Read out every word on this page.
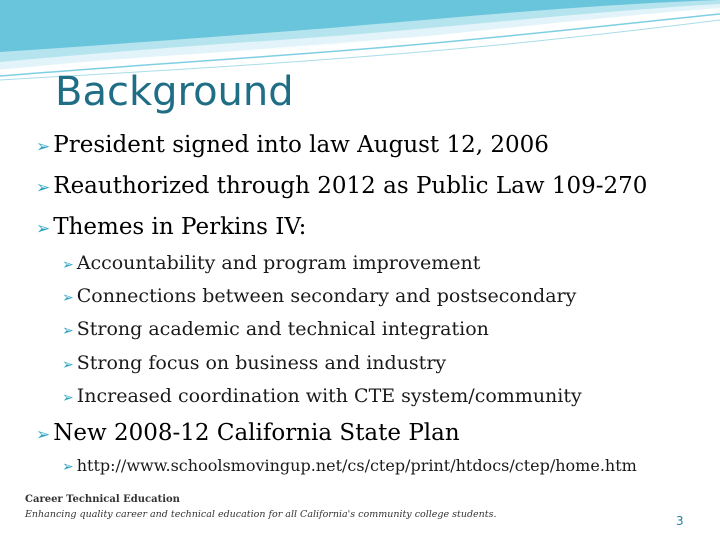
Background
➢ President signed into law August 12, 2006
➢ Reauthorized through 2012 as Public Law 109-270
➢ Themes in Perkins IV:
➢ Accountability and program improvement
➢ Connections between secondary and postsecondary
➢ Strong academic and technical integration
➢ Strong focus on business and industry
➢ Increased coordination with CTE system/community
➢ New 2008-12 California State Plan
➢ http://www.schoolsmovingup.net/cs/ctep/print/htdocs/ctep/home.htm
Career Technical Education
Enhancing quality career and technical education for all California's community college students.	3
